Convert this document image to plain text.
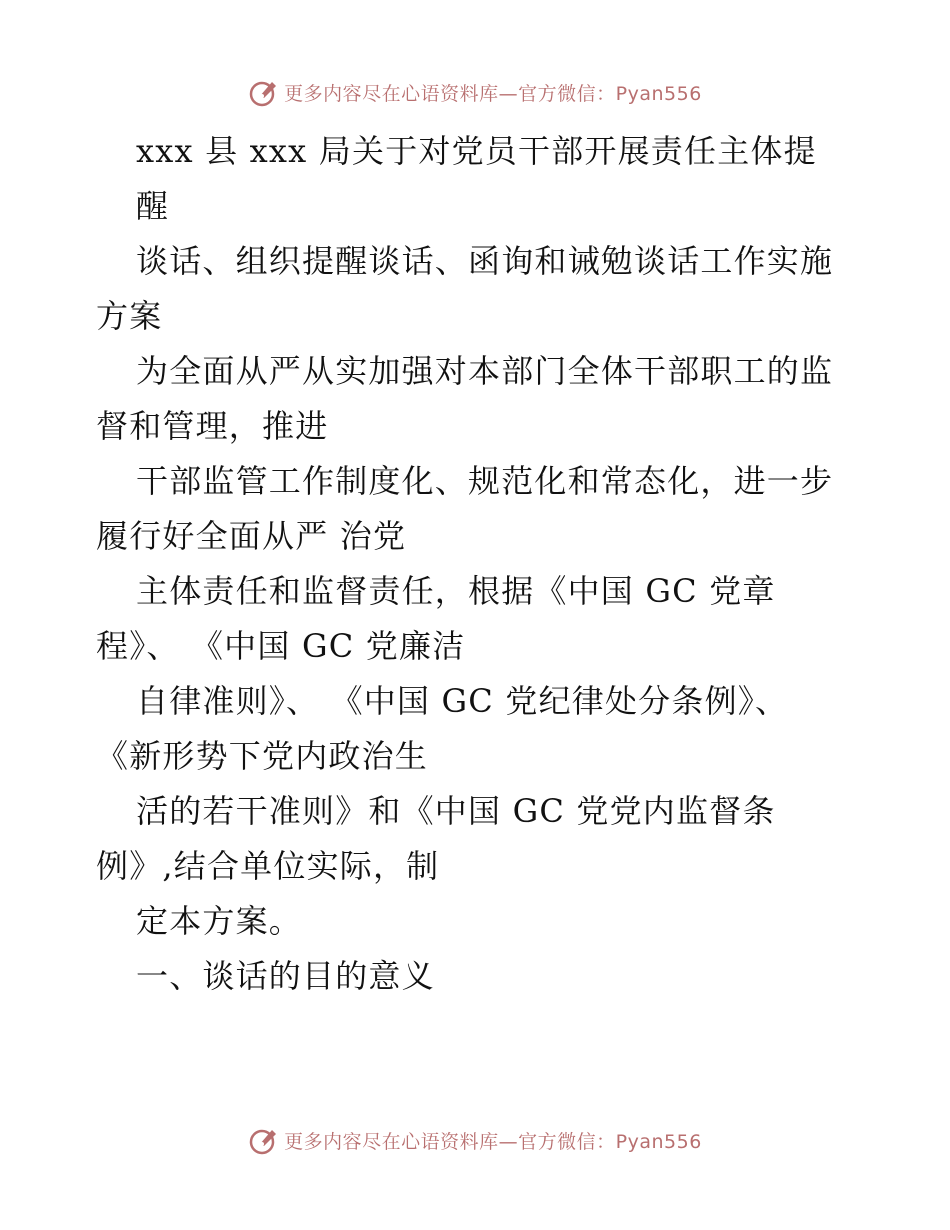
更多内容尽在心语资料库—官方微信：Pyan556
xxx 县 xxx 局关于对党员干部开展责任主体提
醒
谈话、组织提醒谈话、函询和诫勉谈话工作实施
方案
为全面从严从实加强对本部门全体干部职工的监
督和管理，推进
干部监管工作制度化、规范化和常态化，进一步
履行好全面从严 治党
主体责任和监督责任，根据《中国 GC 党章
程》、 《中国 GC 党廉洁
自律准则》、 《中国 GC 党纪律处分条例》、
《新形势下党内政治生
活的若干准则》和《中国 GC 党党内监督条
例》,结合单位实际，制
定本方案。
一、谈话的目的意义
更多内容尽在心语资料库—官方微信：Pyan556
